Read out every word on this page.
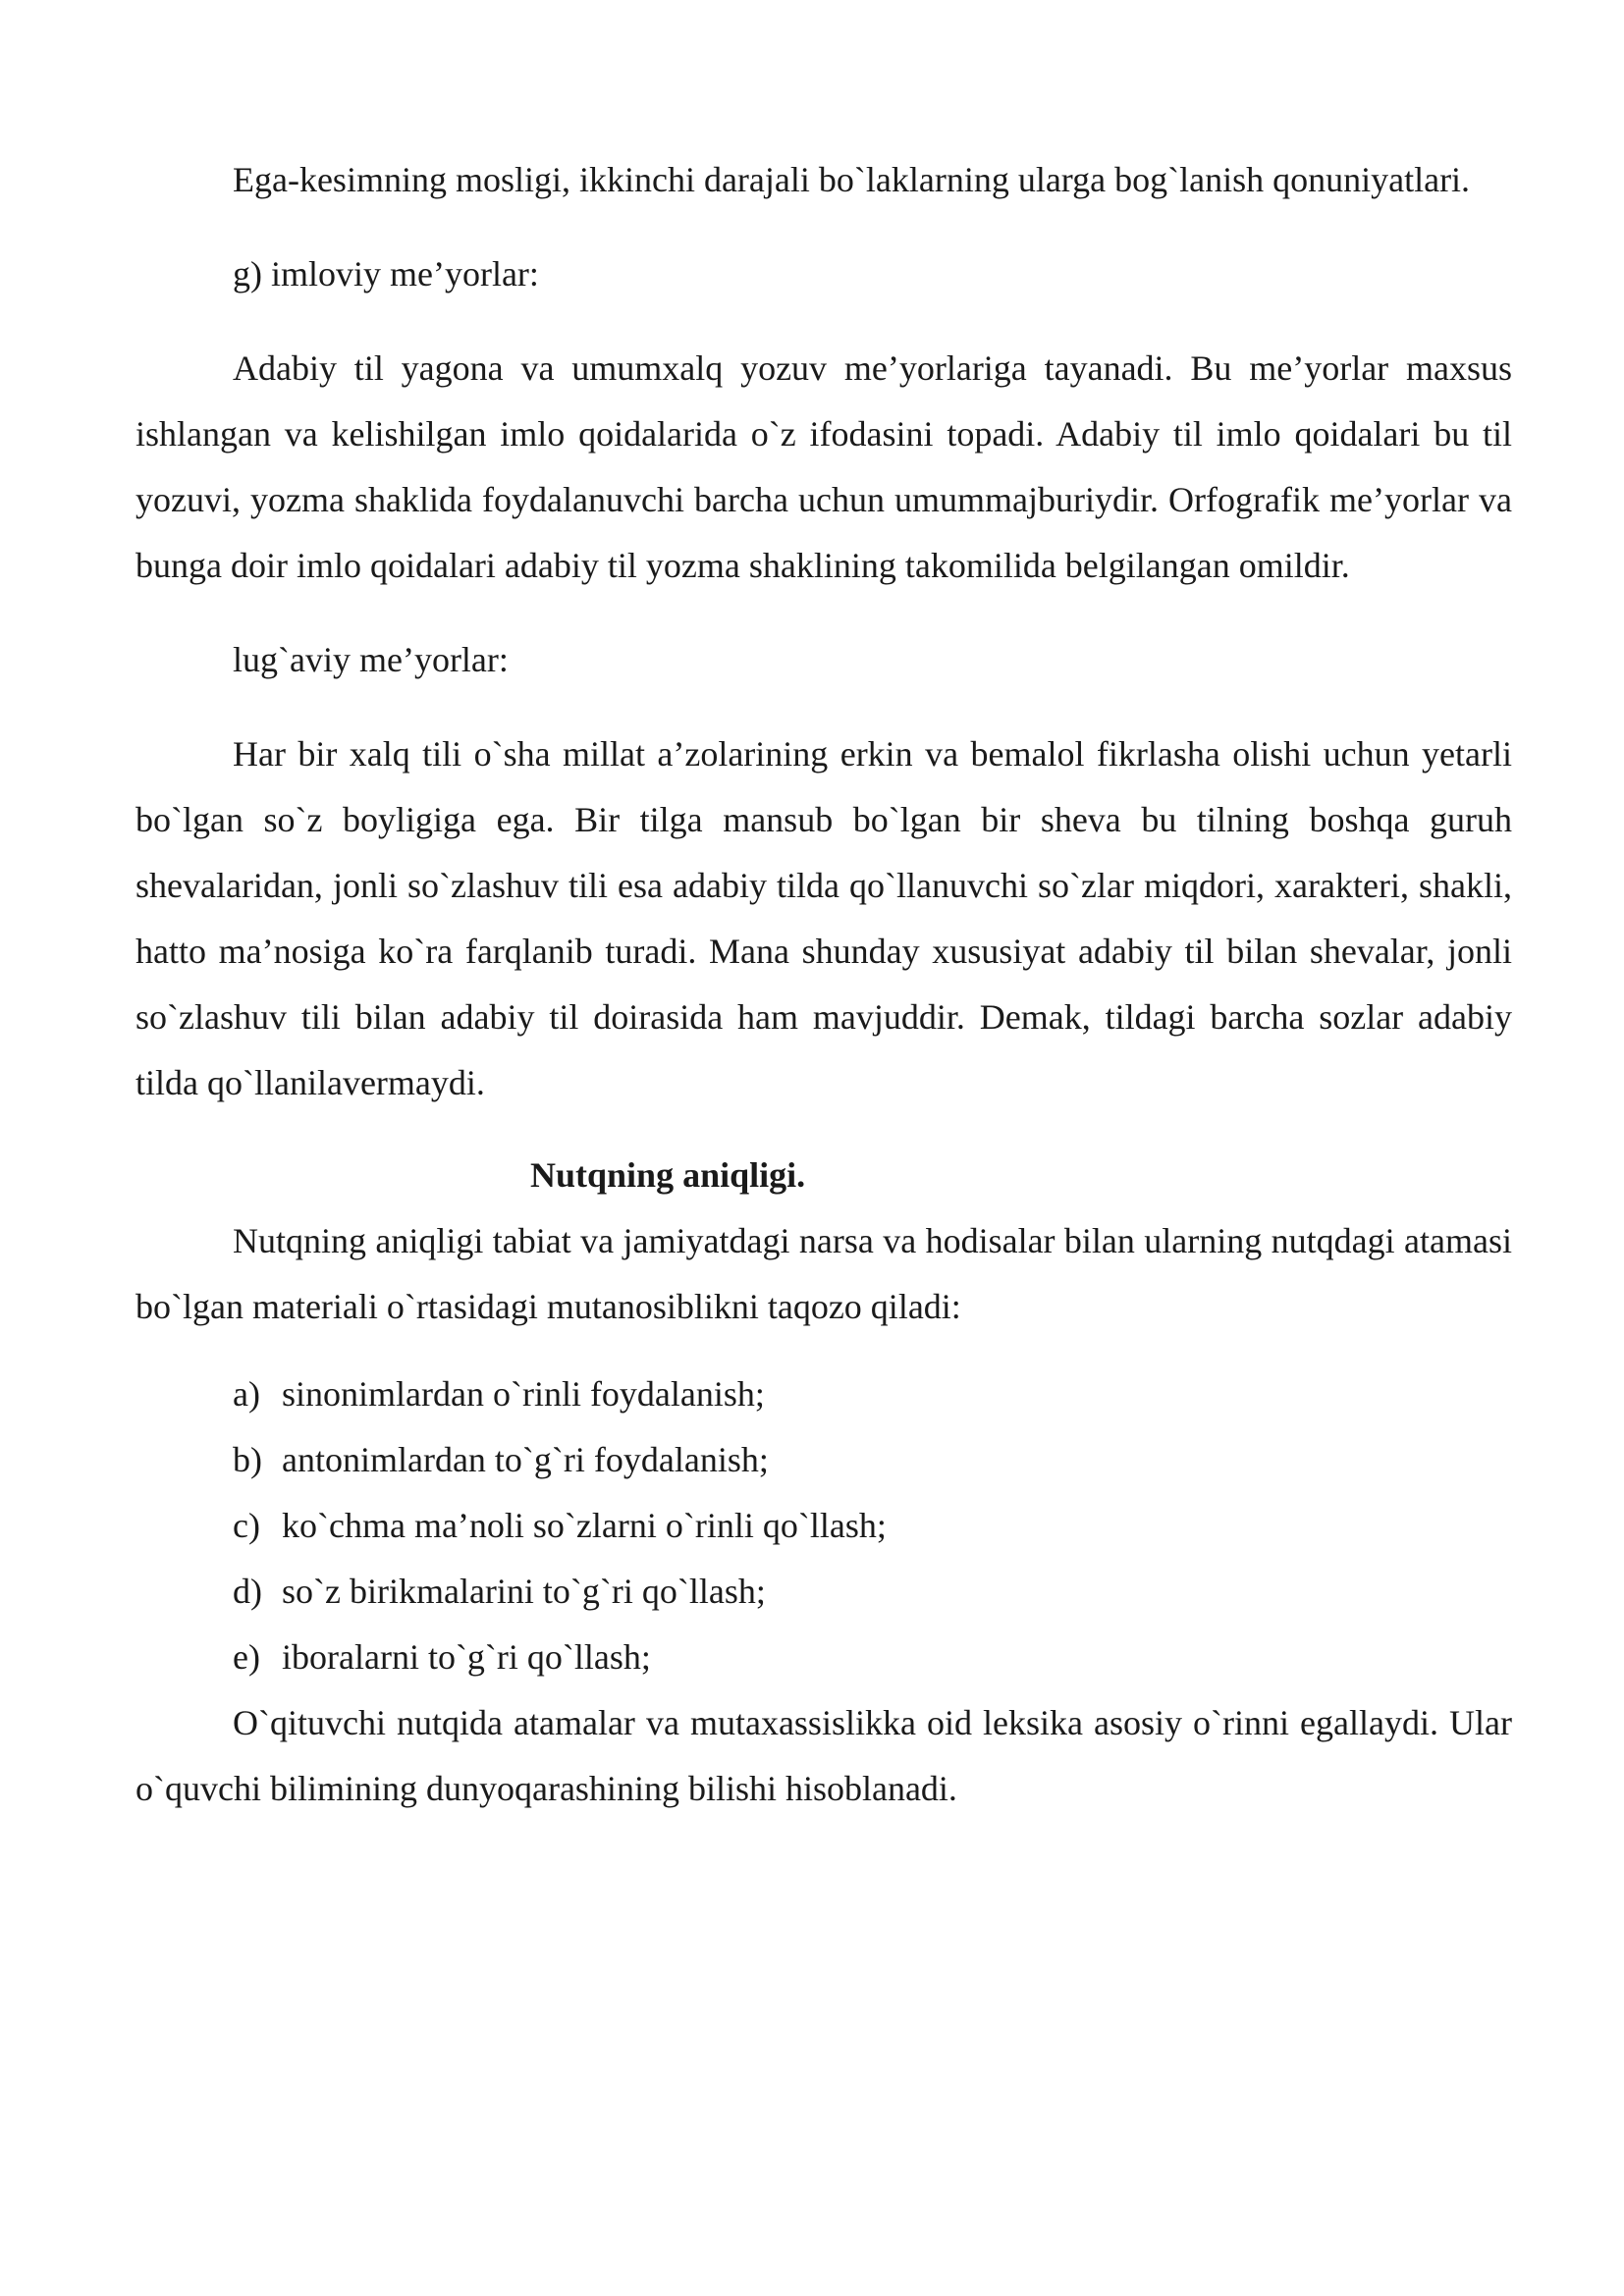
Ega-kesimning mosligi, ikkinchi darajali bo`laklarning ularga bog`lanish qonuniyatlari.

g) imloviy me’yorlar:

Adabiy til yagona va umumxalq yozuv me’yorlariga tayanadi. Bu me’yorlar maxsus ishlangan va kelishilgan imlo qoidalarida o`z ifodasini topadi. Adabiy til imlo qoidalari bu til yozuvi, yozma shaklida foydalanuvchi barcha uchun umummajburiydir. Orfografik me’yorlar va bunga doir imlo qoidalari adabiy til yozma shaklining takomilida belgilangan omildir.

lug`aviy me’yorlar:

Har bir xalq tili o`sha millat a’zolarining erkin va bemalol fikrlasha olishi uchun yetarli bo`lgan so`z boyligiga ega. Bir tilga mansub bo`lgan bir sheva bu tilning boshqa guruh shevalaridan, jonli so`zlashuv tili esa adabiy tilda qo`llanuvchi so`zlar miqdori, xarakteri, shakli, hatto ma’nosiga ko`ra farqlanib turadi. Mana shunday xususiyat adabiy til bilan shevalar, jonli so`zlashuv tili bilan adabiy til doirasida ham mavjuddir. Demak, tildagi barcha sozlar adabiy tilda qo`llanilavermaydi.

Nutqning aniqligi.

Nutqning aniqligi tabiat va jamiyatdagi narsa va hodisalar bilan ularning nutqdagi atamasi bo`lgan materiali o`rtasidagi mutanosiblikni taqozo qiladi:

a) sinonimlardan o`rinli foydalanish;
b) antonimlardan to`g`ri foydalanish;
c) ko`chma ma’noli so`zlarni o`rinli qo`llash;
d) so`z birikmalarini to`g`ri qo`llash;
e) iboralarni to`g`ri qo`llash;

O`qituvchi nutqida atamalar va mutaxassislikka oid leksika asosiy o`rinni egallaydi. Ular o`quvchi bilimining dunyoqarashining bilishi hisoblanadi.
